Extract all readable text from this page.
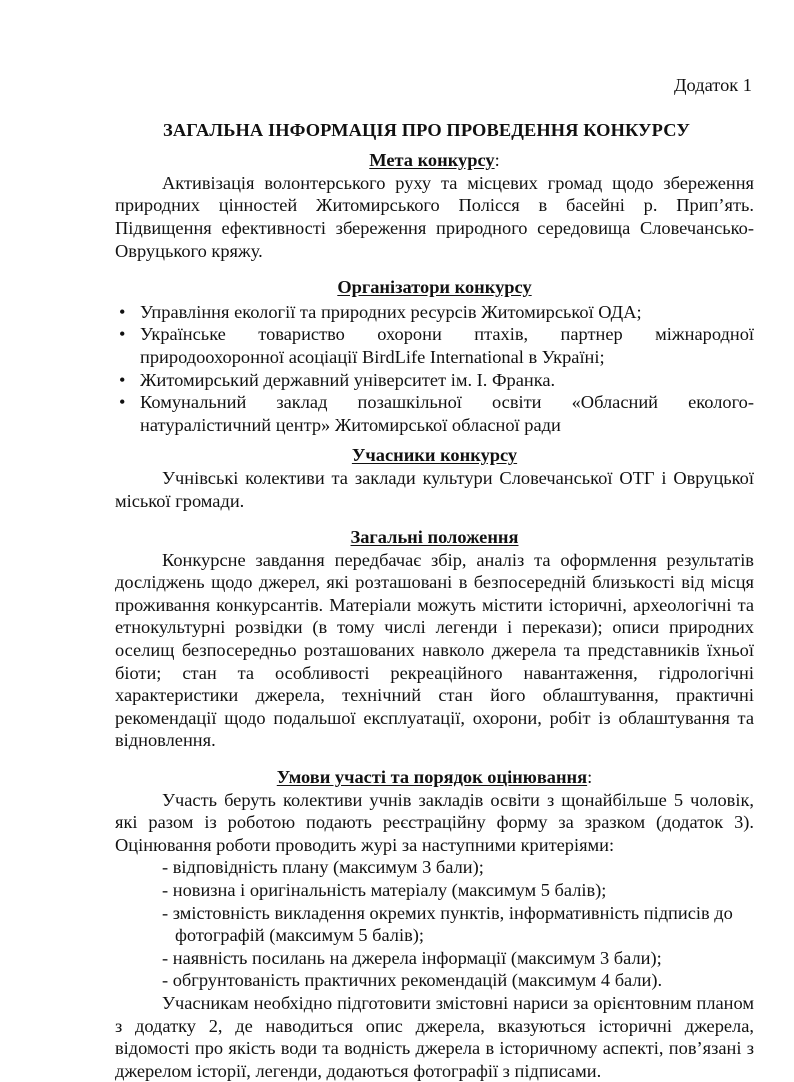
Додаток 1
ЗАГАЛЬНА ІНФОРМАЦІЯ ПРО ПРОВЕДЕННЯ КОНКУРСУ
Мета конкурсу:

Активізація волонтерського руху та місцевих громад щодо збереження природних цінностей Житомирського Полісся в басейні р. Прип’ять. Підвищення ефективності збереження природного середовища Словечансько-Овруцького кряжу.

Організатори конкурсу
• Управління екології та природних ресурсів Житомирської ОДА;
• Українське товариство охорони птахів, партнер міжнародної природоохоронної асоціації BirdLife International в Україні;
• Житомирський державний університет ім. І. Франка.
• Комунальний заклад позашкільної освіти «Обласний еколого-натуралістичний центр» Житомирської обласної ради
Учасники конкурсу

Учнівські колективи та заклади культури Словечанської ОТГ і Овруцької міської громади.

Загальні положення

Конкурсне завдання передбачає збір, аналіз та оформлення результатів досліджень щодо джерел, які розташовані в безпосередній близькості від місця проживання конкурсантів. Матеріали можуть містити історичні, археологічні та етнокультурні розвідки (в тому числі легенди і перекази); описи природних оселищ безпосередньо розташованих навколо джерела та представників їхньої біоти; стан та особливості рекреаційного навантаження, гідрологічні характеристики джерела, технічний стан його облаштування, практичні рекомендації щодо подальшої експлуатації, охорони, робіт із облаштування та відновлення.

Умови участі та порядок оцінювання:

Участь беруть колективи учнів закладів освіти з щонайбільше 5 чоловік, які разом із роботою подають реєстраційну форму за зразком (додаток 3). Оцінювання роботи проводить журі за наступними критеріями:

- відповідність плану (максимум 3 бали);
- новизна і оригінальність матеріалу (максимум 5 балів);
- змістовність викладення окремих пунктів, інформативність підписів до фотографій (максимум 5 балів);
- наявність посилань на джерела інформації (максимум 3 бали);
- обгрунтованість практичних рекомендацій (максимум 4 бали).

Учасникам необхідно підготовити змістовні нариси за орієнтовним планом з додатку 2, де наводиться опис джерела, вказуються історичні джерела, відомості про якість води та водність джерела в історичному аспекті, пов’язані з джерелом історії, легенди, додаються фотографії з підписами.
